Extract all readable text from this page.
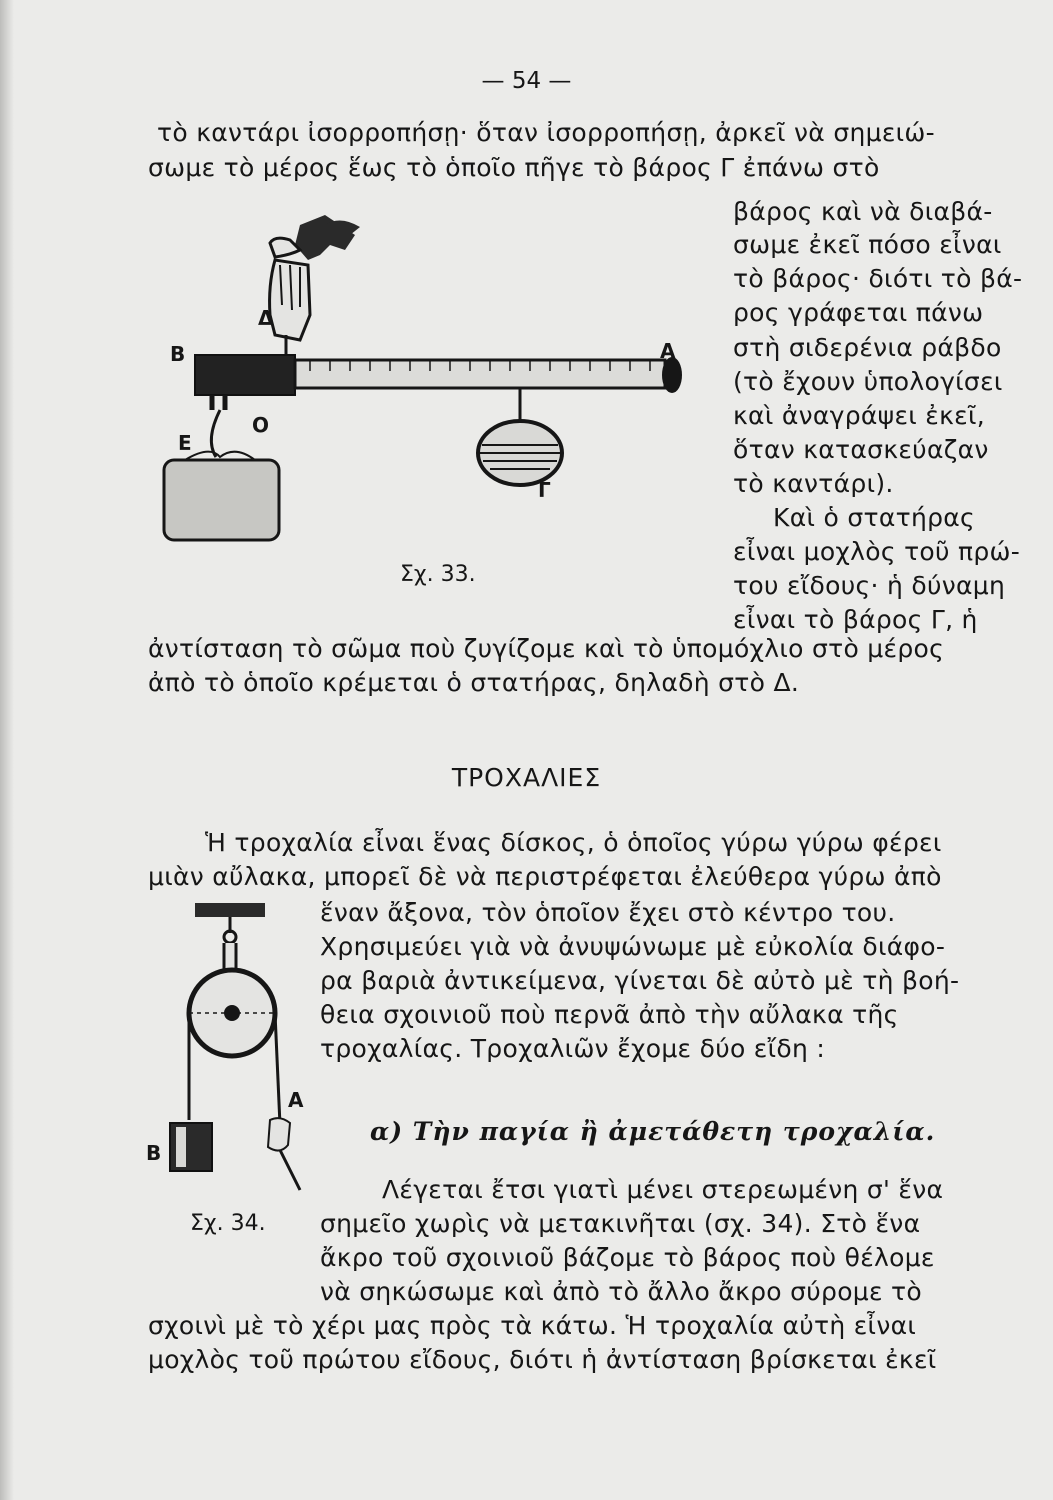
— 54 —
τὸ καντάρι ἰσορροπήσῃ· ὅταν ἰσορροπήσῃ, ἀρκεῖ νὰ σημειώ-
σωμε τὸ μέρος ἕως τὸ ὁποῖο πῆγε τὸ βάρος Γ ἐπάνω στὸ
βάρος καὶ νὰ διαβά-
σωμε ἐκεῖ πόσο εἶναι
τὸ βάρος· διότι τὸ βά-
ρος γράφεται πάνω
στὴ σιδερένια ράβδο
(τὸ ἔχουν ὑπολογίσει
καὶ ἀναγράψει ἐκεῖ,
ὅταν κατασκεύαζαν
τὸ καντάρι).
Καὶ ὁ στατήρας
εἶναι μοχλὸς τοῦ πρώ-
του εἴδους· ἡ δύναμη
εἶναι τὸ βάρος Γ, ἡ
ἀντίσταση τὸ σῶμα ποὺ ζυγίζομε καὶ τὸ ὑπομόχλιο στὸ μέρος
ἀπὸ τὸ ὁποῖο κρέμεται ὁ στατήρας, δηλαδὴ στὸ Δ.
Β	Α
Δ
Ε
Ο
Γ
Σχ. 33.
ΤΡΟΧΑΛΙΕΣ
Ἡ τροχαλία εἶναι ἕνας δίσκος, ὁ ὁποῖος γύρω γύρω φέρει
μιὰν αὔλακα, μπορεῖ δὲ νὰ περιστρέφεται ἐλεύθερα γύρω ἀπὸ
ἕναν ἄξονα, τὸν ὁποῖον ἔχει στὸ κέντρο του.
Χρησιμεύει γιὰ νὰ ἀνυψώνωμε μὲ εὐκολία διάφο-
ρα βαριὰ ἀντικείμενα, γίνεται δὲ αὐτὸ μὲ τὴ βοή-
θεια σχοινιοῦ ποὺ περνᾶ ἀπὸ τὴν αὔλακα τῆς
τροχαλίας. Τροχαλιῶν ἔχομε δύο εἴδη :
α) Τὴν παγία ἢ ἀμετάθετη τροχαλία.
Λέγεται ἔτσι γιατὶ μένει στερεωμένη σ' ἕνα
σημεῖο χωρὶς νὰ μετακινῆται (σχ. 34). Στὸ ἕνα
ἄκρο τοῦ σχοινιοῦ βάζομε τὸ βάρος ποὺ θέλομε
νὰ σηκώσωμε καὶ ἀπὸ τὸ ἄλλο ἄκρο σύρομε τὸ
σχοινὶ μὲ τὸ χέρι μας πρὸς τὰ κάτω. Ἡ τροχαλία αὐτὴ εἶναι
μοχλὸς τοῦ πρώτου εἴδους, διότι ἡ ἀντίσταση βρίσκεται ἐκεῖ
Α
Β
Σχ. 34.
